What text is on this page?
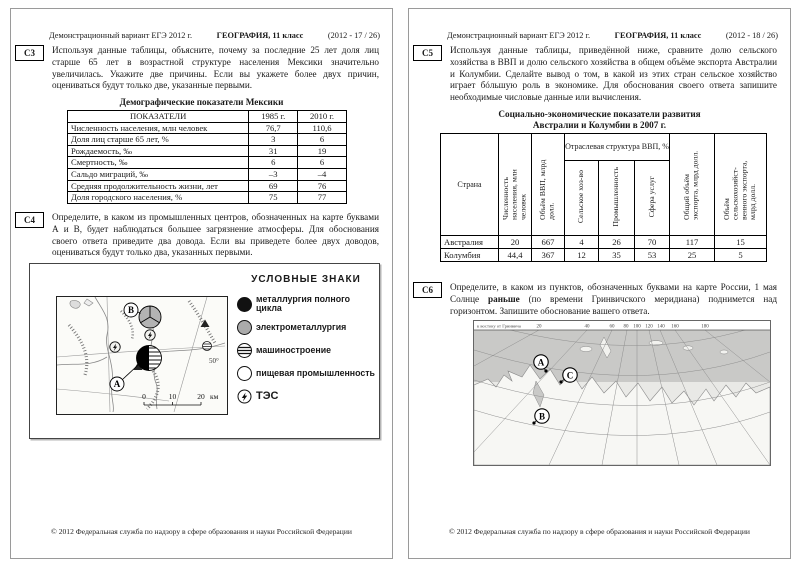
Демонстрационный вариант ЕГЭ 2012 г.	ГЕОГРАФИЯ, 11 класс	(2012 - 17 / 26)
С3	Используя данные таблицы, объясните, почему за последние 25 лет доля лиц старше 65 лет в возрастной структуре населения Мексики значительно увеличилась. Укажите две причины. Если вы укажете более двух причин, оцениваться будут только две, указанные первыми.
Демографические показатели Мексики
ПОКАЗАТЕЛИ	1985 г.	2010 г.
Численность населения, млн человек	76,7	110,6
Доля лиц старше 65 лет, %	3	6
Рождаемость, ‰	31	19
Смертность, ‰	6	6
Сальдо миграций, ‰	–3	–4
Средняя продолжительность жизни, лет	69	76
Доля городского населения, %	75	77
С4	Определите, в каком из промышленных центров, обозначенных на карте буквами А и В, будет наблюдаться большее загрязнение атмосферы. Для обоснования своего ответа приведите два довода. Если вы приведете более двух доводов, оцениваться будут только два, указанных первыми.
В
А
50°
0	10	20 км
УСЛОВНЫЕ ЗНАКИ
металлургия полного цикла
электрометаллургия
машиностроение
пищевая промышленность
ТЭС
© 2012 Федеральная служба по надзору в сфере образования и науки Российской Федерации
Демонстрационный вариант ЕГЭ 2012 г.	ГЕОГРАФИЯ, 11 класс	(2012 - 18 / 26)
С5	Используя данные таблицы, приведённой ниже, сравните долю сельского хозяйства в ВВП и долю сельского хозяйства в общем объёме экспорта Австралии и Колумбии. Сделайте вывод о том, в какой из этих стран сельское хозяйство играет бóльшую роль в экономике. Для обоснования своего ответа запишите необходимые числовые данные или вычисления.
Социально-экономические показатели развития
Австралии и Колумбии в 2007 г.
Страна	Численность населения, млн человек	Объём ВВП, млрд долл.	Отраслевая структура ВВП, %			Общий объём экспорта, млрд долл.	Объём сельскохозяйст-венного экспорта, млрд долл.
			Сельское хоз-во	Промышленность	Сфера услуг		
Австралия	20	667	4	26	70	117	15
Колумбия	44,4	367	12	35	53	25	5
С6	Определите, в каком из пунктов, обозначенных буквами на карте России, 1 мая Солнце раньше (по времени Гринвичского меридиана) поднимется над горизонтом. Запишите обоснование вашего ответа.
к востоку от Гринвича	20	40	60 80 100 120 140 160	180
А
С
В
© 2012 Федеральная служба по надзору в сфере образования и науки Российской Федерации
